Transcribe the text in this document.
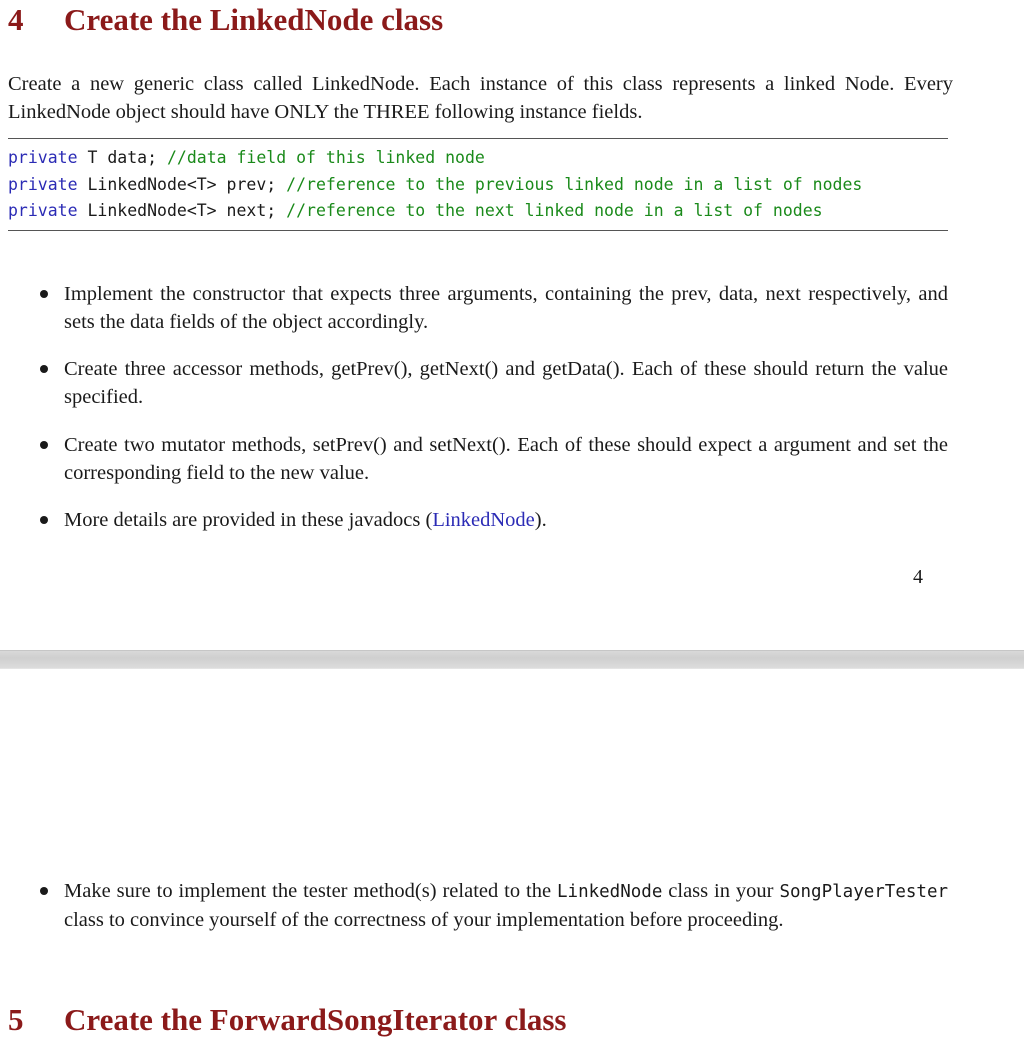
4 Create the LinkedNode class

Create a new generic class called LinkedNode. Each instance of this class represents a linked Node. Every LinkedNode object should have ONLY the THREE following instance fields.

private T data; //data field of this linked node
private LinkedNode<T> prev; //reference to the previous linked node in a list of nodes
private LinkedNode<T> next; //reference to the next linked node in a list of nodes

Implement the constructor that expects three arguments, containing the prev, data, next respectively, and sets the data fields of the object accordingly.

Create three accessor methods, getPrev(), getNext() and getData(). Each of these should return the value specified.

Create two mutator methods, setPrev() and setNext(). Each of these should expect a argument and set the corresponding field to the new value.

More details are provided in these javadocs (LinkedNode).

4

Make sure to implement the tester method(s) related to the LinkedNode class in your SongPlayerTester class to convince yourself of the correctness of your implementation before proceeding.

5 Create the ForwardSongIterator class
